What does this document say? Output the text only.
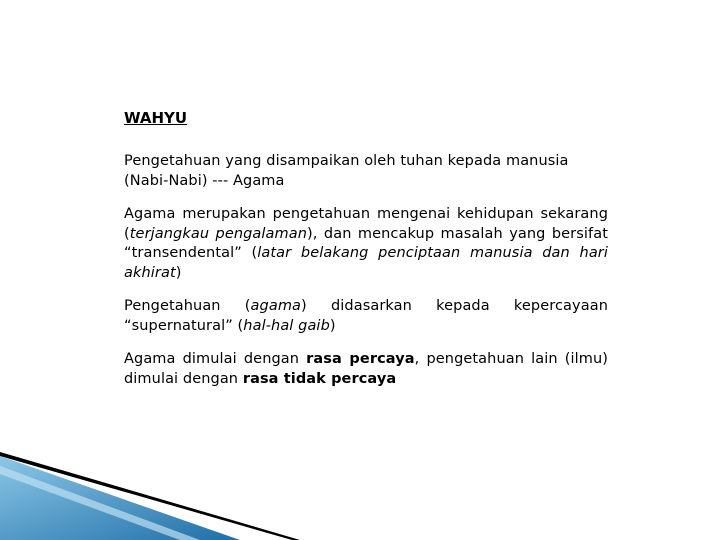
WAHYU

Pengetahuan yang disampaikan oleh tuhan kepada manusia
(Nabi-Nabi) --- Agama

Agama merupakan pengetahuan mengenai kehidupan sekarang (terjangkau pengalaman), dan mencakup masalah yang bersifat “transendental” (latar belakang penciptaan manusia dan hari akhirat)

Pengetahuan (agama) didasarkan kepada kepercayaan “supernatural” (hal-hal gaib)

Agama dimulai dengan rasa percaya, pengetahuan lain (ilmu) dimulai dengan rasa tidak percaya
